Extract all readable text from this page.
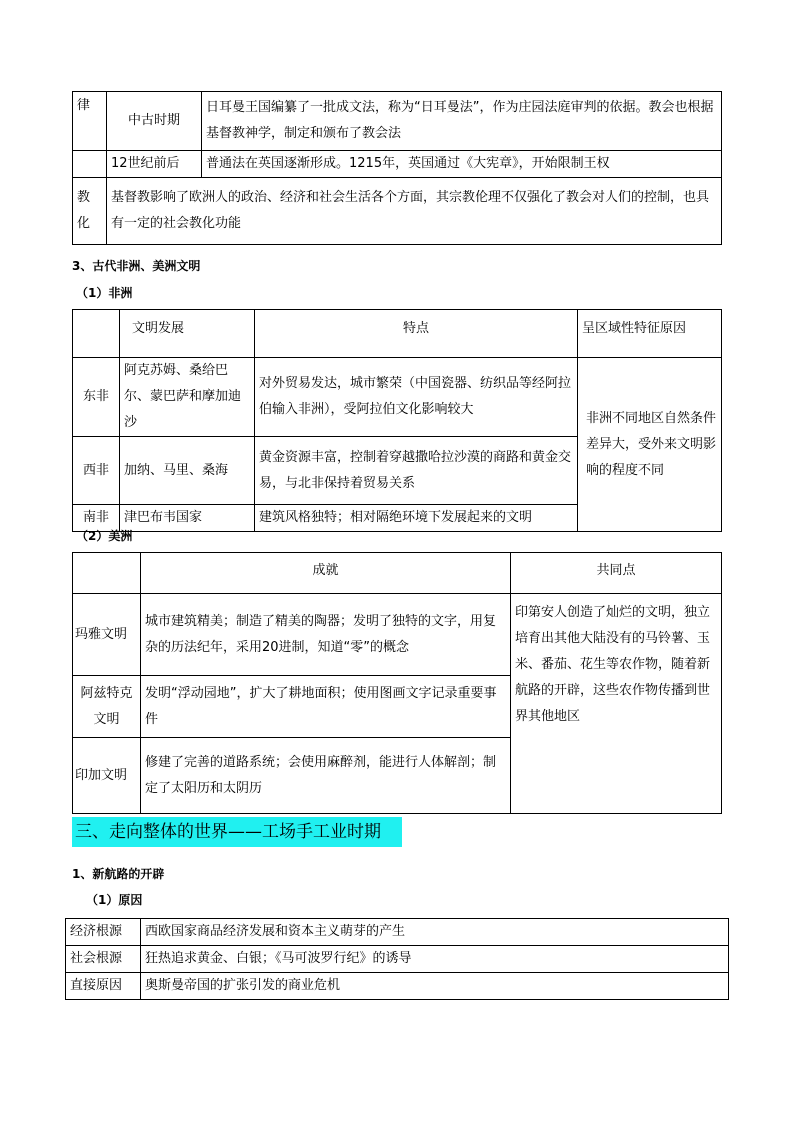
律	中古时期	日耳曼王国编纂了一批成文法，称为“日耳曼法”，作为庄园法庭审判的依据。教会也根据基督教神学，制定和颁布了教会法
	12世纪前后	普通法在英国逐渐形成。1215年，英国通过《大宪章》，开始限制王权

教
化	基督教影响了欧洲人的政治、经济和社会生活各个方面，其宗教伦理不仅强化了教会对人们的控制，也具有一定的社会教化功能	
3、古代非洲、美洲文明
（1）非洲
	文明发展	特点	呈区域性特征原因
东非	阿克苏姆、桑给巴尔、蒙巴萨和摩加迪沙	对外贸易发达，城市繁荣（中国瓷器、纺织品等经阿拉伯输入非洲），受阿拉伯文化影响较大	非洲不同地区自然条件差异大，受外来文明影响的程度不同
西非	加纳、马里、桑海	黄金资源丰富，控制着穿越撒哈拉沙漠的商路和黄金交易，与北非保持着贸易关系	
南非	津巴布韦国家	建筑风格独特；相对隔绝环境下发展起来的文明	
（2）美洲
	成就	共同点
玛雅文明	城市建筑精美；制造了精美的陶器；发明了独特的文字，用复杂的历法纪年，采用20进制，知道“零”的概念	印第安人创造了灿烂的文明，独立培育出其他大陆没有的马铃薯、玉米、番茄、花生等农作物，随着新航路的开辟，这些农作物传播到世界其他地区
阿兹特克文明	发明“浮动园地”，扩大了耕地面积；使用图画文字记录重要事件	
印加文明	修建了完善的道路系统；会使用麻醉剂，能进行人体解剖；制定了太阳历和太阴历	
三、走向整体的世界——工场手工业时期
1、新航路的开辟
（1）原因
经济根源	西欧国家商品经济发展和资本主义萌芽的产生
社会根源	狂热追求黄金、白银；《马可波罗行纪》的诱导
直接原因	奥斯曼帝国的扩张引发的商业危机
